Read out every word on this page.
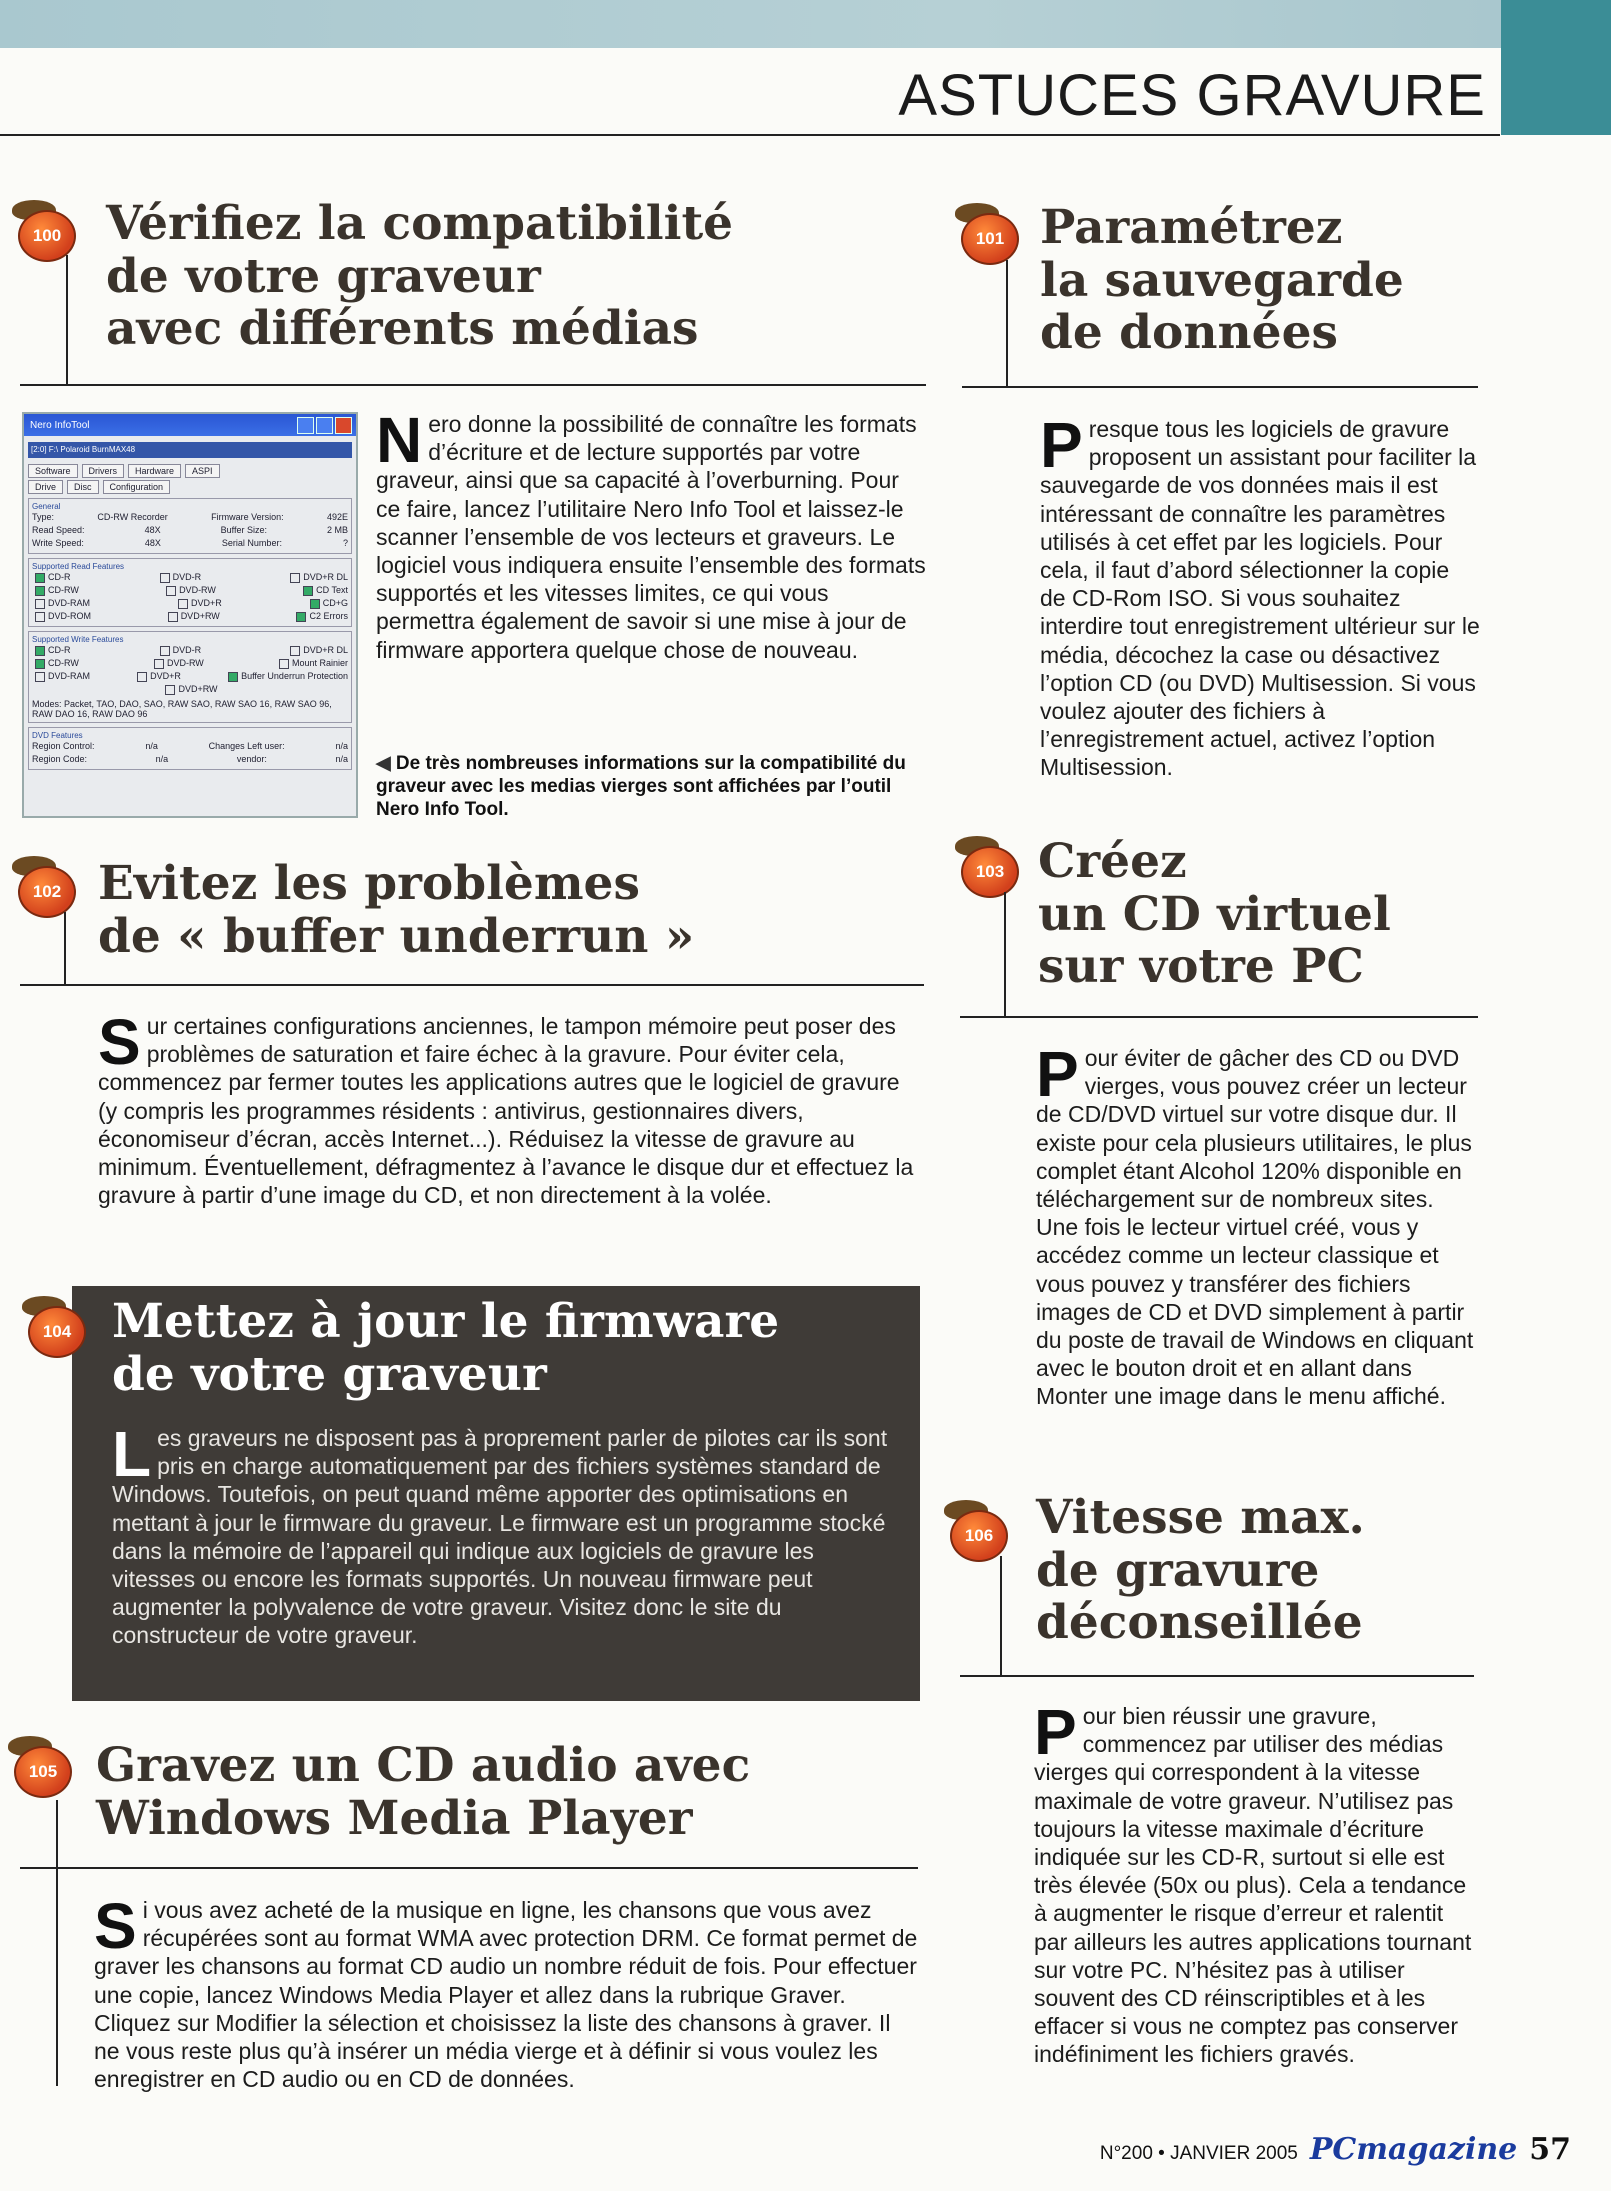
ASTUCES GRAVURE
100 Vérifiez la compatibilité
de votre graveur
avec différents médias
Nero InfoTool
[2:0] F:\ Polaroid BurnMAX48
Software	Drivers	Hardware	ASPI
Drive	Disc	Configuration
General
Type:	CD-RW Recorder	Firmware Version:	492E
Read Speed:	48X	Buffer Size:	2 MB
Write Speed:	48X	Serial Number:	?
Supported Read Features
CD-R	DVD-R	DVD+R DL
CD-RW	DVD-RW	CD Text
DVD-RAM	DVD+R	CD+G
DVD-ROM	DVD+RW	C2 Errors
Supported Write Features
CD-R	DVD-R	DVD+R DL
CD-RW	DVD-RW	Mount Rainier
DVD-RAM	DVD+R	Buffer Underrun Protection
DVD+RW
Modes: Packet, TAO, DAO, SAO, RAW SAO, RAW SAO 16, RAW SAO 96, RAW DAO 16, RAW DAO 96
DVD Features
Region Control:	n/a	Changes Left user:	n/a
Region Code:	n/a	vendor:	n/a

Nero donne la possibilité de connaître les formats d’écriture et de lecture supportés par votre graveur, ainsi que sa capacité à l’overburning. Pour ce faire, lancez l’utilitaire Nero Info Tool et laissez-le scanner l’ensemble de vos lecteurs et graveurs. Le logiciel vous indiquera ensuite l’ensemble des formats supportés et les vitesses limites, ce qui vous permettra également de savoir si une mise à jour de firmware apportera quelque chose de nouveau.

◀ De très nombreuses informations sur la compatibilité du graveur avec les medias vierges sont affichées par l’outil Nero Info Tool.

101 Paramétrez
la sauvegarde
de données

Presque tous les logiciels de gravure proposent un assistant pour faciliter la sauvegarde de vos données mais il est intéressant de connaître les paramètres utilisés à cet effet par les logiciels. Pour cela, il faut d’abord sélectionner la copie de CD-Rom ISO. Si vous souhaitez interdire tout enregistrement ultérieur sur le média, décochez la case ou désactivez l’option CD (ou DVD) Multisession. Si vous voulez ajouter des fichiers à l’enregistrement actuel, activez l’option Multisession.

102 Evitez les problèmes
de « buffer underrun »

Sur certaines configurations anciennes, le tampon mémoire peut poser des problèmes de saturation et faire échec à la gravure. Pour éviter cela, commencez par fermer toutes les applications autres que le logiciel de gravure (y compris les programmes résidents : antivirus, gestionnaires divers, économiseur d’écran, accès Internet...). Réduisez la vitesse de gravure au minimum. Éventuellement, défragmentez à l’avance le disque dur et effectuez la gravure à partir d’une image du CD, et non directement à la volée.

103 Créez
un CD virtuel
sur votre PC

Pour éviter de gâcher des CD ou DVD vierges, vous pouvez créer un lecteur de CD/DVD virtuel sur votre disque dur. Il existe pour cela plusieurs utilitaires, le plus complet étant Alcohol 120% disponible en téléchargement sur de nombreux sites. Une fois le lecteur virtuel créé, vous y accédez comme un lecteur classique et vous pouvez y transférer des fichiers images de CD et DVD simplement à partir du poste de travail de Windows en cliquant avec le bouton droit et en allant dans Monter une image dans le menu affiché.

Mettez à jour le firmware
de votre graveur

Les graveurs ne disposent pas à proprement parler de pilotes car ils sont pris en charge automatiquement par des fichiers systèmes standard de Windows. Toutefois, on peut quand même apporter des optimisations en mettant à jour le firmware du graveur. Le firmware est un programme stocké dans la mémoire de l’appareil qui indique aux logiciels de gravure les vitesses ou encore les formats supportés. Un nouveau firmware peut augmenter la polyvalence de votre graveur. Visitez donc le site du constructeur de votre graveur.

104
105 Gravez un CD audio avec
Windows Media Player

Si vous avez acheté de la musique en ligne, les chansons que vous avez récupérées sont au format WMA avec protection DRM. Ce format permet de graver les chansons au format CD audio un nombre réduit de fois. Pour effectuer une copie, lancez Windows Media Player et allez dans la rubrique Graver. Cliquez sur Modifier la sélection et choisissez la liste des chansons à graver. Il ne vous reste plus qu’à insérer un média vierge et à définir si vous voulez les enregistrer en CD audio ou en CD de données.

106 Vitesse max.
de gravure
déconseillée

Pour bien réussir une gravure, commencez par utiliser des médias vierges qui correspondent à la vitesse maximale de votre graveur. N’utilisez pas toujours la vitesse maximale d’écriture indiquée sur les CD-R, surtout si elle est très élevée (50x ou plus). Cela a tendance à augmenter le risque d’erreur et ralentit par ailleurs les autres applications tournant sur votre PC. N’hésitez pas à utiliser souvent des CD réinscriptibles et à les effacer si vous ne comptez pas conserver indéfiniment les fichiers gravés.

N°200 • JANVIER 2005 PCmagazine 57
